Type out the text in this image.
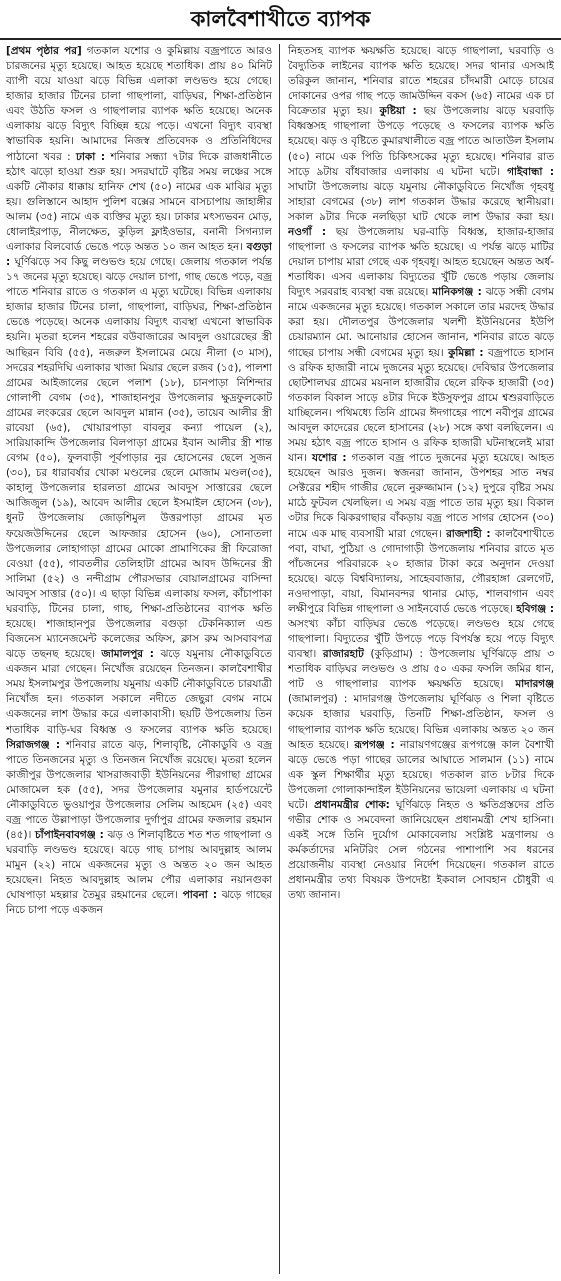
কালবৈশাখীতে ব্যাপক

[প্রথম পৃষ্ঠার পর] গতকাল যশোর ও কুমিল্লায় বজ্রপাতে আরও চারজনের মৃত্যু হয়েছে। আহত হয়েছে শতাধিক। প্রায় ৪০ মিনিট ব্যাপী বয়ে যাওয়া ঝড়ে বিভিন্ন এলাকা লণ্ডভণ্ড হয়ে গেছে। হাজার হাজার টিনের চালা গাছপালা, বাড়িঘর, শিক্ষা-প্রতিষ্ঠান এবং উঠতি ফসল ও গাছপালার ব্যাপক ক্ষতি হয়েছে। অনেক এলাকায় ঝড়ে বিদ্যুৎ বিচ্ছিন্ন হয়ে পড়ে। এখনো বিদ্যুৎ ব্যবস্থা স্বাভাবিক হয়নি। আমাদের নিজস্ব প্রতিবেদক ও প্রতিনিধিদের পাঠানো খবর : ঢাকা : শনিবার সন্ধ্যা ৭টার দিকে রাজধানীতে হঠাৎ ঝড়ো হাওয়া শুরু হয়। সদরঘাটে বৃষ্টির সময় লঞ্চের সঙ্গে একটি নৌকার ধাক্কায় হানিফ শেখ (৫০) নামের এক মাঝির মৃত্যু হয়। গুলিস্তানে আহাদ পুলিশ বক্সের সামনে বাসচাপায় জাহাঙ্গীর আলম (৩৫) নামে এক ব্যক্তির মৃত্যু হয়। ঢাকার মৎস্যভবন মোড়, ধোলাইরপাড়, নীলক্ষেত, কুড়িল ফ্লাইওভার, বনানী সিগন্যাল এলাকার বিলবোর্ড ভেঙে পড়ে অন্তত ১০ জন আহত হন। বগুড়া : ঘূর্ণিঝড়ে সব কিছু লণ্ডভণ্ড হয়ে গেছে। জেলায় গতকাল পর্যন্ত ১৭ জনের মৃত্যু হয়েছে। ঝড়ে দেয়াল চাপা, গাছ ভেঙে পড়ে, বজ্র পাতে শনিবার রাতে ও গতকাল এ মৃত্যু ঘটেছে। বিভিন্ন এলাকায় হাজার হাজার টিনের চালা, গাছপালা, বাড়িঘর, শিক্ষা-প্রতিষ্ঠান ভেঙে পড়েছে। অনেক এলাকায় বিদ্যুৎ ব্যবস্থা এখনো স্বাভাবিক হয়নি। মৃতরা হলেন শহরের বউবাজারের আবদুল ওয়ারেছের স্ত্রী আছিরন বিবি (৫৫), নজরুল ইসলামের মেয়ে নীলা (৩ মাস), সদরের শহরদিঘি এলাকার খাজা মিয়ার ছেলে রজব (১৫), পালশা গ্রামের আইজালের ছেলে পলাশ (১৮), চানপাড়া নিশিন্দার গোলাপী বেগম (৩৫), শাজাহানপুর উপজেলার ক্ষুদ্রফুলকোট গ্রামের লংকরের ছেলে আবদুল মান্নান (৩৫), তায়েব আলীর স্ত্রী রাবেয়া (৬৫), খোয়ারপাড়া বাবলুর কন্যা পায়েল (২), সারিয়াকান্দি উপজেলার বিলপাড়া গ্রামের ইবান আলীর স্ত্রী শান্ত বেগম (৫০), ফুলবাড়ী পূর্বপাড়ার নুর হোসেনের ছেলে সুজন (৩০), চর ধারাবর্ষার খোকা মণ্ডলের ছেলে মোজাম মণ্ডল(৩৫), কাহালু উপজেলার হারলতা গ্রামের আবদুস সাত্তারের ছেলে আজিজুল (১৯), আবেদ আলীর ছেলে ইসমাইল হোসেন (৩৮), ধুনট উপজেলায় জোড়শিমুল উত্তরপাড়া গ্রামের মৃত ফয়েজউদ্দিনের ছেলে আফজার হোসেন (৬০), সোনাতলা উপজেলার লোহাগাড়া গ্রামের মোকো প্রামাণিকের স্ত্রী ফিরোজা বেওয়া (৫৫), গাবতলীর তেলিহাটা গ্রামের আবদ উদ্দিনের স্ত্রী সালিমা (৫২) ও নন্দীগ্রাম পৌরসভার বোয়ালগ্রামের বাসিন্দা আবদুস সাত্তার (৫০)। এ ছাড়া বিভিন্ন এলাকায় ফসল, কাঁচাপাকা ঘরবাড়ি, টিনের চালা, গাছ, শিক্ষা-প্রতিষ্ঠানের ব্যাপক ক্ষতি হয়েছে। শাজাহানপুর উপজেলার বগুড়া টেকনিক্যাল এন্ড বিজনেস ম্যানেজমেন্ট কলেজের অফিস, ক্লাস রুম আসবাবপত্র ঝড়ে তছনছ হয়েছে। জামালপুর : ঝড়ে যমুনায় নৌকাডুবিতে একজন মারা গেছেন। নিখোঁজ রয়েছেন তিনজন। কালবৈশাখীর সময় ইসলামপুর উপজেলায় যমুনায় একটি নৌকাডুবিতে চারযাত্রী নিখোঁজ হন। গতকাল সকালে নদীতে জেছুরা বেগম নামে একজনের লাশ উদ্ধার করে এলাকাবাসী। ছয়টি উপজেলায় তিন শতাধিক বাড়ি-ঘর বিধ্বস্ত ও ফসলের ব্যাপক ক্ষতি হয়েছে। সিরাজগঞ্জ : শনিবার রাতে ঝড়, শিলাবৃষ্টি, নৌকাডুবি ও বজ্র পাতে তিনজনের মৃত্যু ও তিনজন নিখোঁজ রয়েছে। মৃতরা হলেন কাজীপুর উপজেলার খাসরাজবাড়ী ইউনিয়নের পীরগাছা গ্রামের মোজামেল হক (৫৫), সদর উপজেলার যমুনার হার্ডপয়েন্টে নৌকাডুবিতে ভুওয়াপুর উপজেলার সেলিম আহমেদ (২৫) এবং বজ্র পাতে উল্লাপাড়া উপজেলার দুর্গাপুর গ্রামের ফজলার রহমান (৪৫)। চাঁপাইনবাবগঞ্জ : ঝড় ও শিলাবৃষ্টিতে শত শত গাছপালা ও ঘরবাড়ি লণ্ডভণ্ড হয়েছে। ঝড়ে গাছ চাপায় আবদুল্লাহ আলম মামুন (২২) নামে একজনের মৃত্যু ও অন্তত ২০ জন আহত হয়েছেন। নিহত আবদুল্লাহ আলম পৌর এলাকার নয়ানগুকা ঘোষপাড়া মহল্লার তৈমুর রহমানের ছেলে। পাবনা : ঝড়ে গাছের নিচে চাপা পড়ে একজন

নিহতসহ ব্যাপক ক্ষয়ক্ষতি হয়েছে। ঝড়ে গাছপালা, ঘরবাড়ি ও বৈদ্যুতিক লাইনের ব্যাপক ক্ষতি হয়েছে। সদর থানার এসআই তরিকুল জানান, শনিবার রাতে শহরের চাঁদমারী মোড়ে চায়ের দোকানের ওপর গাছ পড়ে জামউদ্দিন বকস (৬৫) নামের এক চা বিক্রেতার মৃত্যু হয়। কুষ্টিয়া : ছয় উপজেলায় ঝড়ে ঘরবাড়ি বিধ্বস্তসহ গাছপালা উপড়ে পড়েছে ও ফসলের ব্যাপক ক্ষতি হয়েছে। ঝড় ও বৃষ্টিতে কুমারখালীতে বজ্র পাতে আতাউল ইসলাম (৫০) নামে এক পিতি চিকিৎসকের মৃত্যু হয়েছে। শনিবার রাত সাড়ে ৯টায় বাঁধবাজার এলাকায় এ ঘটনা ঘটে। গাইবান্ধা : সাঘাটা উপজেলায় ঝড়ে যমুনায় নৌকাডুবিতে নিখোঁজ গৃহবধূ সাহারা বেগমের (৩৮) লাশ গতকাল উদ্ধার করেছে স্থানীয়রা। সকাল ৯টার দিকে নলছিড়া ঘাট থেকে লাশ উদ্ধার করা হয়। নওগাঁ : ছয় উপজেলায় ঘর-বাড়ি বিধ্বস্ত, হাজার-হাজার গাছপালা ও ফসলের ব্যাপক ক্ষতি হয়েছে। এ পর্যন্ত ঝড়ে মাটির দেয়াল চাপায় মারা গেছে এক গৃহবধূ। আহত হয়েছেন অন্তত অর্ধ-শতাধিক। এসব এলাকায় বিদ্যুতের খুঁটি ভেঙে পড়ায় জেলায় বিদ্যুৎ সরবরাহ ব্যবস্থা বন্ধ রয়েছে। মানিকগঞ্জ : ঝড়ে সন্ধী বেগম নামে একজনের মৃত্যু হয়েছে। গতকাল সকালে তার মরদেহ উদ্ধার করা হয়। দৌলতপুর উপজেলার খলশী ইউনিয়নের ইউপি চেয়ারম্যান মো. আনোয়ার হোসেন জানান, শনিবার রাতে ঝড়ে গাছের চাপায় সন্ধী বেগমের মৃত্যু হয়। কুমিল্লা : বজ্রপাতে হাসান ও রফিক হাজারী নামে দুজনের মৃত্যু হয়েছে। দেবিদ্বার উপজেলার ছোটশালঘর গ্রামের ময়নাল হাজারীর ছেলে রফিক হাজারী (৩৫) গতকাল বিকাল সাড়ে ৪টার দিকে ইউসুফপুর গ্রামে শ্বশুরবাড়িতে যাচ্ছিলেন। পথিমধ্যে তিনি গ্রামের ঈদগাহের পাশে নবীপুর গ্রামের আবদুল কাদেরের ছেলে হাসানের (২৮) সঙ্গে কথা বলছিলেন। এ সময় হঠাৎ বজ্র পাতে হাসান ও রফিক হাজারী ঘটনাস্থলেই মারা যান। যশোর : গতকাল বজ্র পাতে দুজনের মৃত্যু হয়েছে। আহত হয়েছেন আরও দুজন। স্বজনরা জানান, উপশহর সাত নম্বর সেক্টরের শহীদ গাজীর ছেলে নুরুজ্জামান (১২) দুপুরে বৃষ্টির সময় মাঠে ফুটবল খেলছিল। এ সময় বজ্র পাতে তার মৃত্যু হয়। বিকাল ৩টার দিকে ঝিকরগাছার বাঁকড়ায় বজ্র পাতে সাগর হোসেন (৩০) নামে এক মাছ ব্যবসায়ী মারা গেছেন। রাজশাহী : কালবৈশাখীতে পবা, বাঘা, পুঠিয়া ও গোদাগাড়ী উপজেলায় শনিবার রাতে মৃত পাঁচজনের পরিবারকে ২০ হাজার টাকা করে অনুদান দেওয়া হয়েছে। ঝড়ে বিশ্ববিদ্যালয়, সাহেববাজার, গৌরহাঙ্গা রেলগেট, নওদাপাড়া, বায়া, বিমানবন্দর থানার মোড়, শালবাগান এবং লক্ষীপুরে বিভিন্ন গাছপালা ও সাইনবোর্ড ভেঙে পড়েছে। হবিগঞ্জ : অসংখ্য কাঁচা বাড়িঘর ভেঙে পড়েছে। লণ্ডভণ্ড হয়ে গেছে গাছপালা। বিদ্যুতের খুঁটি উপড়ে পড়ে বিপর্যস্ত হয়ে পড়ে বিদ্যুৎ ব্যবস্থা। রাজারহাট (কুড়িগ্রাম) : উপজেলায় ঘূর্ণিঝড়ে প্রায় ৩ শতাধিক বাড়িঘর লণ্ডভণ্ড ও প্রায় ৫০ একর ফসলি জমির ধান, পাট ও গাছপালার ব্যাপক ক্ষয়ক্ষতি হয়েছে। মাদারগঞ্জ (জামালপুর) : মাদারগঞ্জ উপজেলায় ঘূর্ণিঝড় ও শিলা বৃষ্টিতে কয়েক হাজার ঘরবাড়ি, তিনটি শিক্ষা-প্রতিষ্ঠান, ফসল ও গাছপালার ব্যাপক ক্ষতি হয়েছে। বিভিন্ন এলাকায় অন্তত ২০ জন আহত হয়েছে। রূপগঞ্জ : নারায়ণগঞ্জের রূপগঞ্জে কাল বৈশাখী ঝড়ে ভেঙে পড়া গাছের ডালের আঘাতে সালমান (১১) নামে এক স্কুল শিক্ষার্থীর মৃত্যু হয়েছে। গতকাল রাত ৮টার দিকে উপজেলা গোলাকান্দাইল ইউনিয়নের ভায়েলা এলাকায় এ ঘটনা ঘটে। প্রধানমন্ত্রীর শোক: ঘূর্ণিঝড়ে নিহত ও ক্ষতিগ্রস্তদের প্রতি গভীর শোক ও সমবেদনা জানিয়েছেন প্রধানমন্ত্রী শেখ হাসিনা। একই সঙ্গে তিনি দুর্যোগ মোকাবেলায় সংশ্লিষ্ট মন্ত্রণালয় ও কর্মকর্তাদের মনিটরিং সেল গঠনের পাশাপাশি সব ধরনের প্রয়োজনীয় ব্যবস্থা নেওয়ার নির্দেশ দিয়েছেন। গতকাল রাতে প্রধানমন্ত্রীর তথ্য বিষয়ক উপদেষ্টা ইকবাল সোবহান চৌধুরী এ তথ্য জানান।
